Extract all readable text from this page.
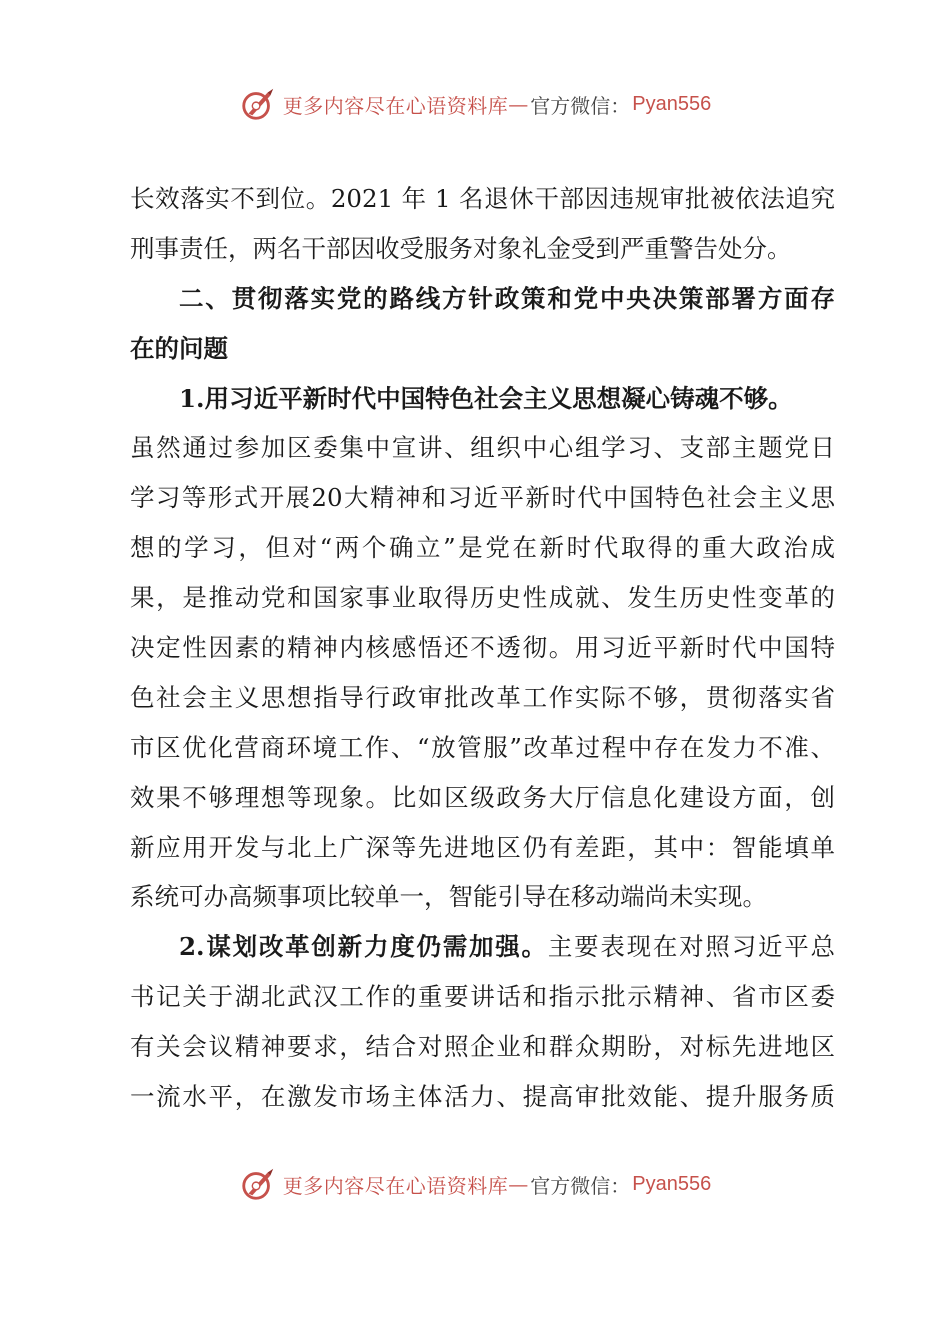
更多内容尽在心语资料库 — 官方微信： Pyan556
长效落实不到位。2021 年 1 名退休干部因违规审批被依法追究
刑事责任，两名干部因收受服务对象礼金受到严重警告处分。
二、贯彻落实党的路线方针政策和党中央决策部署方面存
在的问题
1.用习近平新时代中国特色社会主义思想凝心铸魂不够。
虽然通过参加区委集中宣讲、组织中心组学习、支部主题党日
学习等形式开展20大精神和习近平新时代中国特色社会主义思
想的学习，但对“两个确立”是党在新时代取得的重大政治成
果，是推动党和国家事业取得历史性成就、发生历史性变革的
决定性因素的精神内核感悟还不透彻。用习近平新时代中国特
色社会主义思想指导行政审批改革工作实际不够，贯彻落实省
市区优化营商环境工作、“放管服”改革过程中存在发力不准、
效果不够理想等现象。比如区级政务大厅信息化建设方面，创
新应用开发与北上广深等先进地区仍有差距，其中：智能填单
系统可办高频事项比较单一，智能引导在移动端尚未实现。
2.谋划改革创新力度仍需加强。主要表现在对照习近平总
书记关于湖北武汉工作的重要讲话和指示批示精神、省市区委
有关会议精神要求，结合对照企业和群众期盼，对标先进地区
一流水平，在激发市场主体活力、提高审批效能、提升服务质
更多内容尽在心语资料库 — 官方微信： Pyan556
